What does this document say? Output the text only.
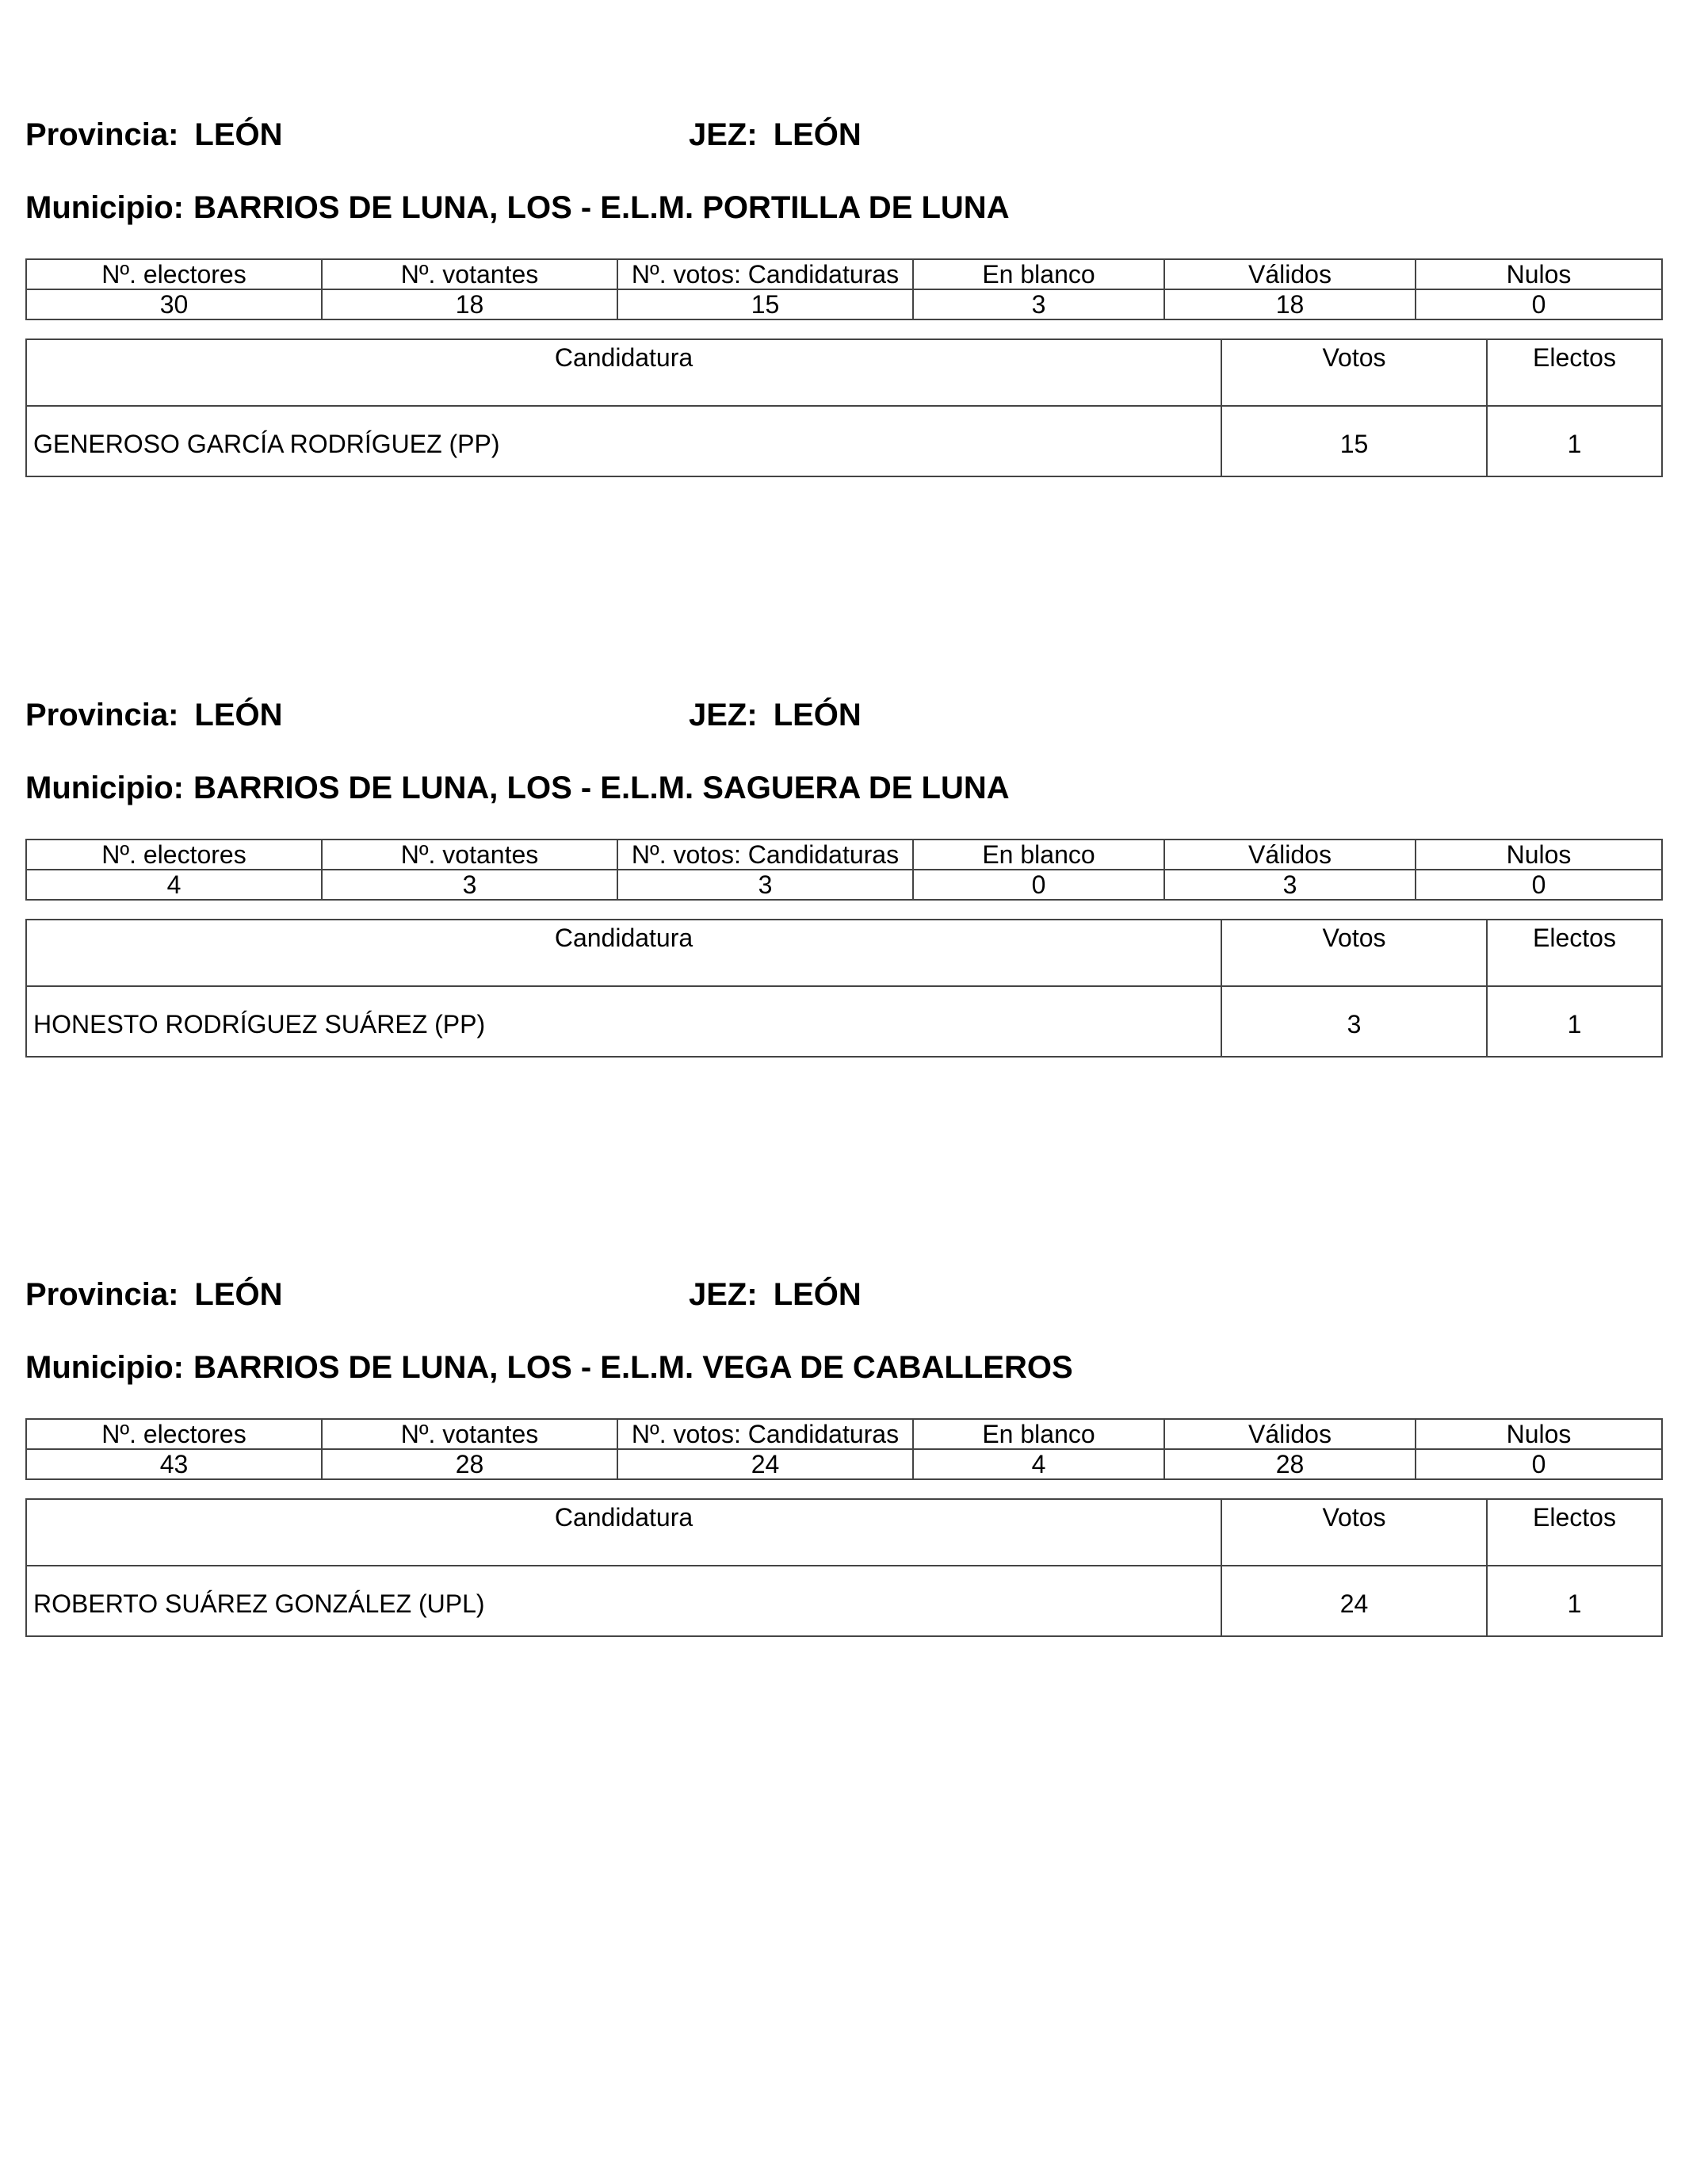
Provincia: LEÓN	JEZ: LEÓN
Municipio: BARRIOS DE LUNA, LOS - E.L.M. PORTILLA DE LUNA
Nº. electores	Nº. votantes	Nº. votos: Candidaturas	En blanco	Válidos	Nulos
30	18	15	3	18	0
Candidatura	Votos	Electos
GENEROSO GARCÍA RODRÍGUEZ (PP)	15	1
Provincia: LEÓN	JEZ: LEÓN
Municipio: BARRIOS DE LUNA, LOS - E.L.M. SAGUERA DE LUNA
Nº. electores	Nº. votantes	Nº. votos: Candidaturas	En blanco	Válidos	Nulos
4	3	3	0	3	0
Candidatura	Votos	Electos
HONESTO RODRÍGUEZ SUÁREZ (PP)	3	1
Provincia: LEÓN	JEZ: LEÓN
Municipio: BARRIOS DE LUNA, LOS - E.L.M. VEGA DE CABALLEROS
Nº. electores	Nº. votantes	Nº. votos: Candidaturas	En blanco	Válidos	Nulos
43	28	24	4	28	0
Candidatura	Votos	Electos
ROBERTO SUÁREZ GONZÁLEZ (UPL)	24	1
